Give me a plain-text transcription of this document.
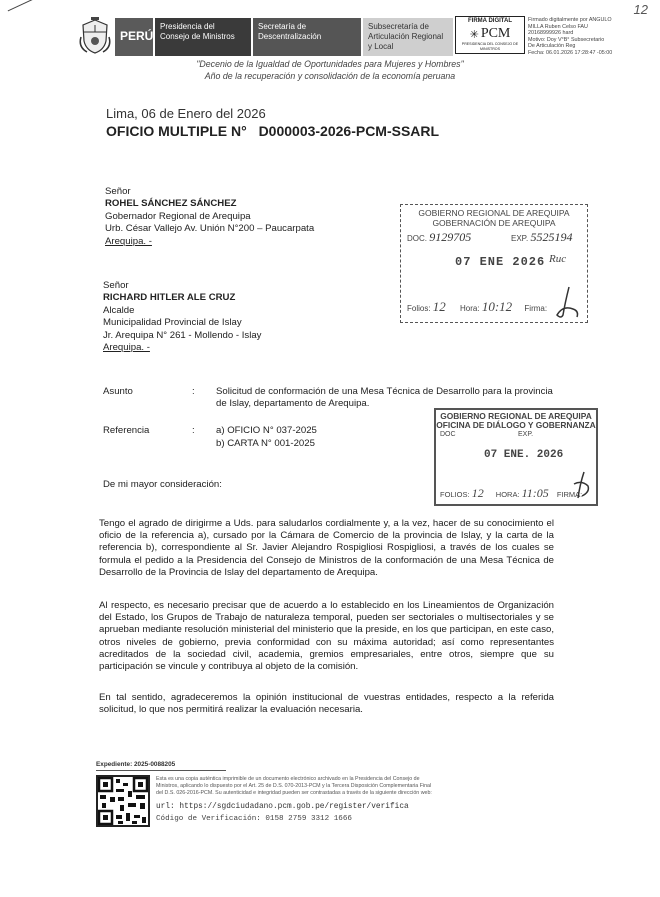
12
PERÚ
Presidencia del Consejo de Ministros
Secretaría de Descentralización
Subsecretaría de Articulación Regional y Local
FIRMA DIGITAL
✳ PCM
PRESIDENCIA DEL CONSEJO DE MINISTROS
Firmado digitalmente por ANGULO
MILLA Ruben Celso FAU
20168999926 hard
Motivo: Doy V°B° Subsecretario
De Articulación Reg
Fecha: 06.01.2026 17:28:47 -05:00
"Decenio de la Igualdad de Oportunidades para Mujeres y Hombres"
Año de la recuperación y consolidación de la economía peruana
Lima, 06 de Enero del 2026
OFICIO MULTIPLE N° D000003-2026-PCM-SSARL
Señor
ROHEL SÁNCHEZ SÁNCHEZ
Gobernador Regional de Arequipa
Urb. César Vallejo Av. Unión N°200 – Paucarpata
Arequipa. -
Señor
RICHARD HITLER ALE CRUZ
Alcalde
Municipalidad Provincial de Islay
Jr. Arequipa N° 261 - Mollendo - Islay
Arequipa. -
Asunto	: Solicitud de conformación de una Mesa Técnica de Desarrollo para la provincia de Islay, departamento de Arequipa.
Referencia	: a) OFICIO N° 037-2025
b) CARTA N° 001-2025
De mi mayor consideración:
Tengo el agrado de dirigirme a Uds. para saludarlos cordialmente y, a la vez, hacer de su conocimiento el oficio de la referencia a), cursado por la Cámara de Comercio de la provincia de Islay, y la carta de la referencia b), correspondiente al Sr. Javier Alejandro Rospigliosi Rospigliosi, a través de los cuales se formula el pedido a la Presidencia del Consejo de Ministros de la conformación de una Mesa Técnica de Desarrollo de la Provincia de Islay del departamento de Arequipa.
Al respecto, es necesario precisar que de acuerdo a lo establecido en los Lineamientos de Organización del Estado, los Grupos de Trabajo de naturaleza temporal, pueden ser sectoriales o multisectoriales y se aprueban mediante resolución ministerial del ministerio que la preside, en los que participan, en este caso, otros niveles de gobierno, previa conformidad con su máxima autoridad; así como representantes acreditados de la sociedad civil, academia, gremios empresariales, entre otros, siempre que su participación se vincule y contribuya al objeto de la comisión.
En tal sentido, agradeceremos la opinión institucional de vuestras entidades, respecto a la referida solicitud, lo que nos permitirá realizar la evaluación necesaria.
GOBIERNO REGIONAL DE AREQUIPA
GOBERNACIÓN DE AREQUIPA
DOC. 9129705	EXP. 5525194
07 ENE 2026 Ruc
Folios: 12 Hora: 10:12 Firma:
GOBIERNO REGIONAL DE AREQUIPA
OFICINA DE DIÁLOGO Y GOBERNANZA
DOC	EXP.
07 ENE. 2026
FOLIOS: 12 HORA: 11:05 FIRMA:
Expediente: 2025-0088205
Esta es una copia auténtica imprimible de un documento electrónico archivado en la Presidencia del Consejo de
Ministros, aplicando lo dispuesto por el Art. 25 de D.S. 070-2013-PCM y la Tercera Disposición Complementaria Final
del D.S. 026-2016-PCM. Su autenticidad e integridad pueden ser contrastadas a través de la siguiente dirección web:
url: https://sgdciudadano.pcm.gob.pe/register/verifica
Código de Verificación: 0158 2759 3312 1666
